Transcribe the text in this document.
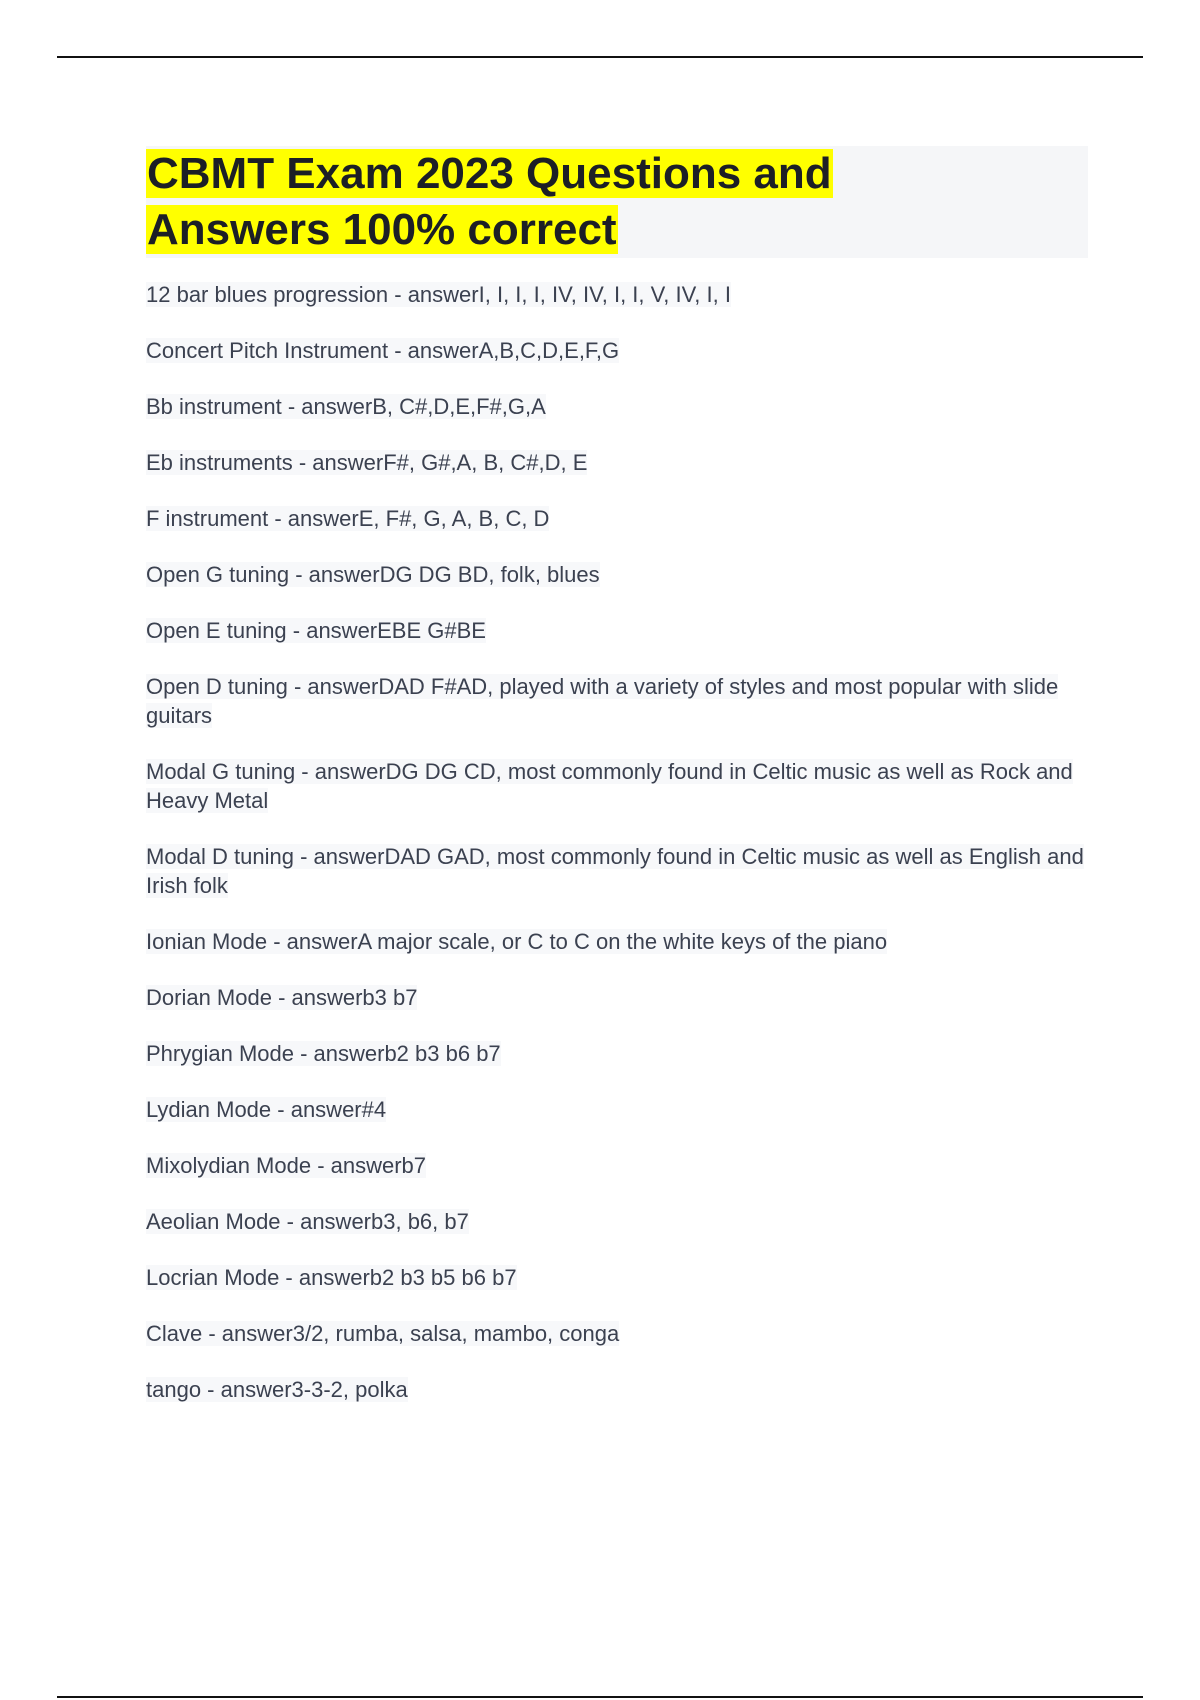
CBMT Exam 2023 Questions and
Answers 100% correct
12 bar blues progression - answerI, I, I, I, IV, IV, I, I, V, IV, I, I
Concert Pitch Instrument - answerA,B,C,D,E,F,G
Bb instrument - answerB, C#,D,E,F#,G,A
Eb instruments - answerF#, G#,A, B, C#,D, E
F instrument - answerE, F#, G, A, B, C, D
Open G tuning - answerDG DG BD, folk, blues
Open E tuning - answerEBE G#BE
Open D tuning - answerDAD F#AD, played with a variety of styles and most popular with slide guitars
Modal G tuning - answerDG DG CD, most commonly found in Celtic music as well as Rock and Heavy Metal
Modal D tuning - answerDAD GAD, most commonly found in Celtic music as well as English and Irish folk
Ionian Mode - answerA major scale, or C to C on the white keys of the piano
Dorian Mode - answerb3 b7
Phrygian Mode - answerb2 b3 b6 b7
Lydian Mode - answer#4
Mixolydian Mode - answerb7
Aeolian Mode - answerb3, b6, b7
Locrian Mode - answerb2 b3 b5 b6 b7
Clave - answer3/2, rumba, salsa, mambo, conga
tango - answer3-3-2, polka
